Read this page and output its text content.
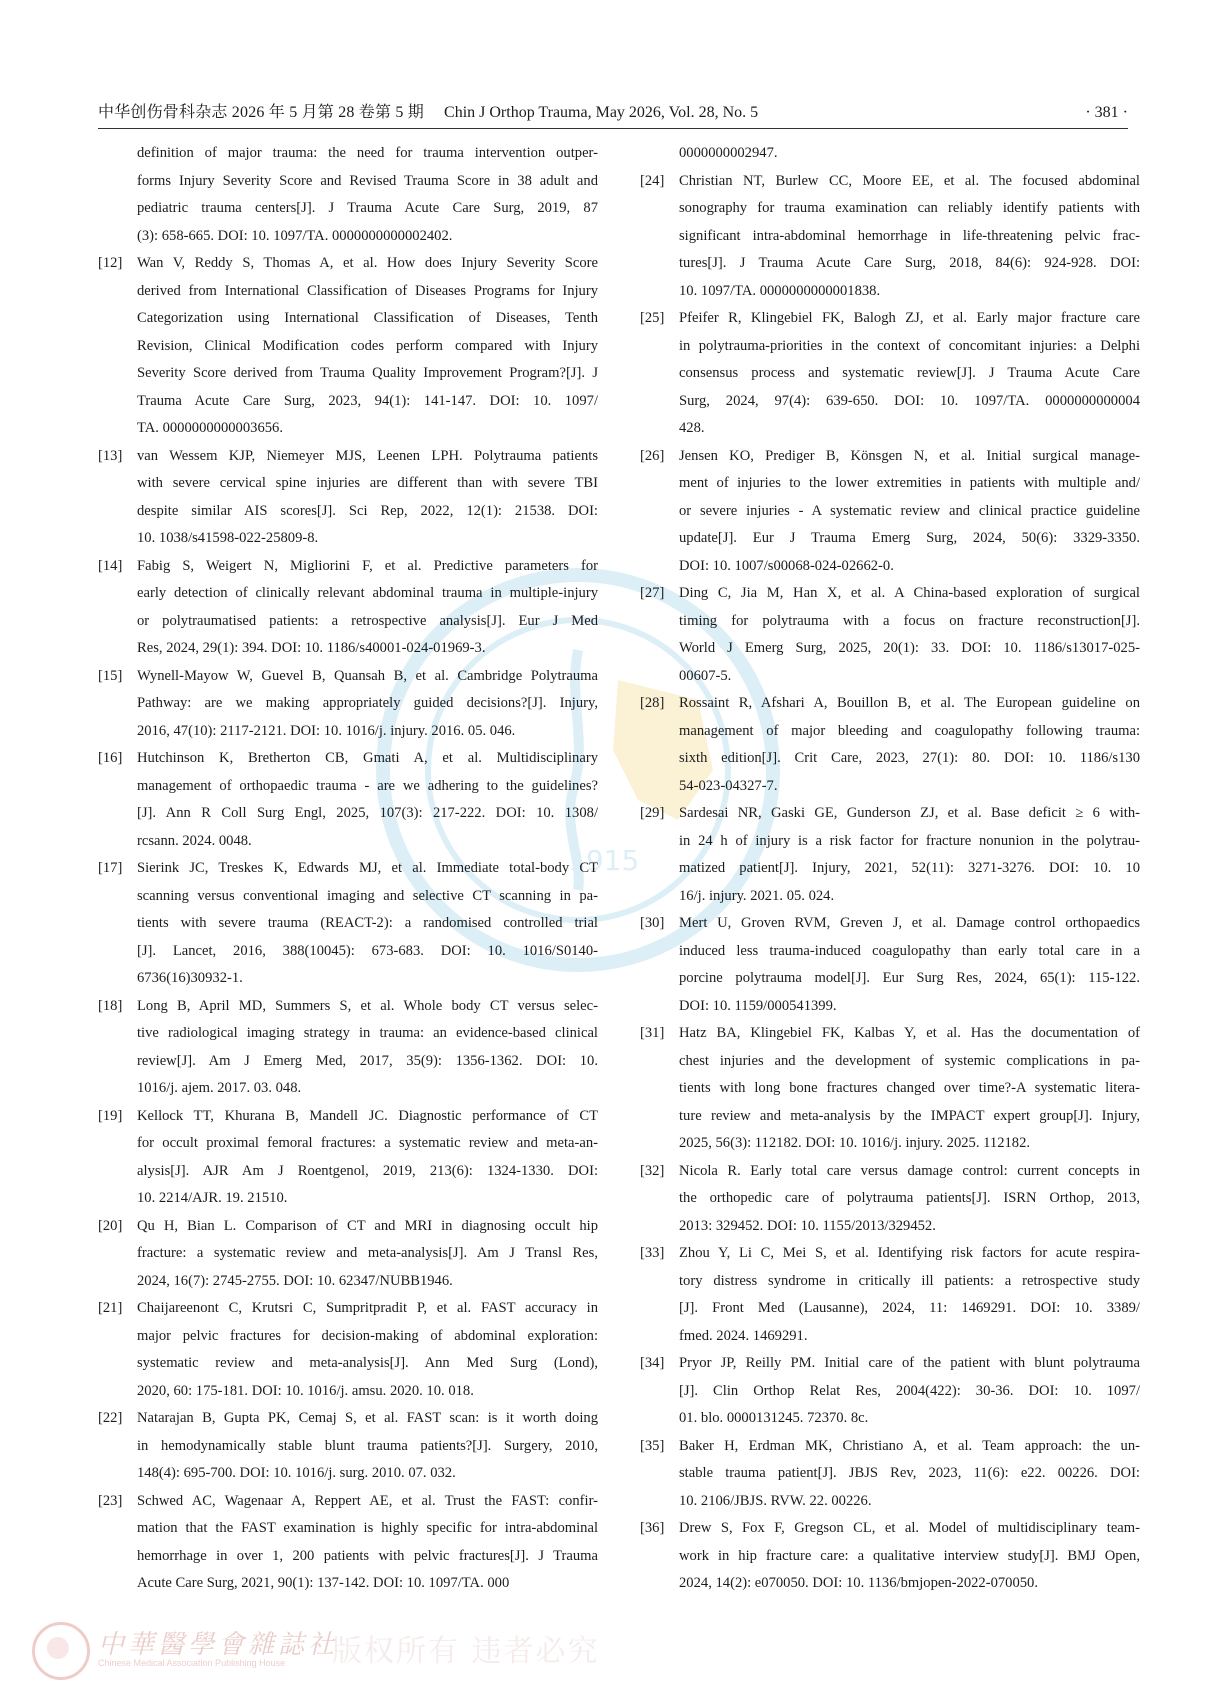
中华创伤骨科杂志 2026 年 5 月第 28 卷第 5 期 Chin J Orthop Trauma, May 2026, Vol. 28, No. 5	· 381 ·
1915
definition of major trauma: the need for trauma intervention outper-
forms Injury Severity Score and Revised Trauma Score in 38 adult and
pediatric trauma centers[J]. J Trauma Acute Care Surg, 2019, 87
(3): 658-665. DOI: 10. 1097/TA. 0000000000002402.
[12] Wan V, Reddy S, Thomas A, et al. How does Injury Severity Score
derived from International Classification of Diseases Programs for Injury
Categorization using International Classification of Diseases, Tenth
Revision, Clinical Modification codes perform compared with Injury
Severity Score derived from Trauma Quality Improvement Program?[J]. J
Trauma Acute Care Surg, 2023, 94(1): 141-147. DOI: 10. 1097/
TA. 0000000000003656.
[13] van Wessem KJP, Niemeyer MJS, Leenen LPH. Polytrauma patients
with severe cervical spine injuries are different than with severe TBI
despite similar AIS scores[J]. Sci Rep, 2022, 12(1): 21538. DOI:
10. 1038/s41598-022-25809-8.
[14] Fabig S, Weigert N, Migliorini F, et al. Predictive parameters for
early detection of clinically relevant abdominal trauma in multiple-injury
or polytraumatised patients: a retrospective analysis[J]. Eur J Med
Res, 2024, 29(1): 394. DOI: 10. 1186/s40001-024-01969-3.
[15] Wynell-Mayow W, Guevel B, Quansah B, et al. Cambridge Polytrauma
Pathway: are we making appropriately guided decisions?[J]. Injury,
2016, 47(10): 2117-2121. DOI: 10. 1016/j. injury. 2016. 05. 046.
[16] Hutchinson K, Bretherton CB, Gmati A, et al. Multidisciplinary
management of orthopaedic trauma - are we adhering to the guidelines?
[J]. Ann R Coll Surg Engl, 2025, 107(3): 217-222. DOI: 10. 1308/
rcsann. 2024. 0048.
[17] Sierink JC, Treskes K, Edwards MJ, et al. Immediate total-body CT
scanning versus conventional imaging and selective CT scanning in pa-
tients with severe trauma (REACT-2): a randomised controlled trial
[J]. Lancet, 2016, 388(10045): 673-683. DOI: 10. 1016/S0140-
6736(16)30932-1.
[18] Long B, April MD, Summers S, et al. Whole body CT versus selec-
tive radiological imaging strategy in trauma: an evidence-based clinical
review[J]. Am J Emerg Med, 2017, 35(9): 1356-1362. DOI: 10.
1016/j. ajem. 2017. 03. 048.
[19] Kellock TT, Khurana B, Mandell JC. Diagnostic performance of CT
for occult proximal femoral fractures: a systematic review and meta-an-
alysis[J]. AJR Am J Roentgenol, 2019, 213(6): 1324-1330. DOI:
10. 2214/AJR. 19. 21510.
[20] Qu H, Bian L. Comparison of CT and MRI in diagnosing occult hip
fracture: a systematic review and meta-analysis[J]. Am J Transl Res,
2024, 16(7): 2745-2755. DOI: 10. 62347/NUBB1946.
[21] Chaijareenont C, Krutsri C, Sumpritpradit P, et al. FAST accuracy in
major pelvic fractures for decision-making of abdominal exploration:
systematic review and meta-analysis[J]. Ann Med Surg (Lond),
2020, 60: 175-181. DOI: 10. 1016/j. amsu. 2020. 10. 018.
[22] Natarajan B, Gupta PK, Cemaj S, et al. FAST scan: is it worth doing
in hemodynamically stable blunt trauma patients?[J]. Surgery, 2010,
148(4): 695-700. DOI: 10. 1016/j. surg. 2010. 07. 032.
[23] Schwed AC, Wagenaar A, Reppert AE, et al. Trust the FAST: confir-
mation that the FAST examination is highly specific for intra-abdominal
hemorrhage in over 1, 200 patients with pelvic fractures[J]. J Trauma
Acute Care Surg, 2021, 90(1): 137-142. DOI: 10. 1097/TA. 000
0000000002947.
[24] Christian NT, Burlew CC, Moore EE, et al. The focused abdominal
sonography for trauma examination can reliably identify patients with
significant intra-abdominal hemorrhage in life-threatening pelvic frac-
tures[J]. J Trauma Acute Care Surg, 2018, 84(6): 924-928. DOI:
10. 1097/TA. 0000000000001838.
[25] Pfeifer R, Klingebiel FK, Balogh ZJ, et al. Early major fracture care
in polytrauma-priorities in the context of concomitant injuries: a Delphi
consensus process and systematic review[J]. J Trauma Acute Care
Surg, 2024, 97(4): 639-650. DOI: 10. 1097/TA. 0000000000004
428.
[26] Jensen KO, Prediger B, Könsgen N, et al. Initial surgical manage-
ment of injuries to the lower extremities in patients with multiple and/
or severe injuries - A systematic review and clinical practice guideline
update[J]. Eur J Trauma Emerg Surg, 2024, 50(6): 3329-3350.
DOI: 10. 1007/s00068-024-02662-0.
[27] Ding C, Jia M, Han X, et al. A China-based exploration of surgical
timing for polytrauma with a focus on fracture reconstruction[J].
World J Emerg Surg, 2025, 20(1): 33. DOI: 10. 1186/s13017-025-
00607-5.
[28] Rossaint R, Afshari A, Bouillon B, et al. The European guideline on
management of major bleeding and coagulopathy following trauma:
sixth edition[J]. Crit Care, 2023, 27(1): 80. DOI: 10. 1186/s130
54-023-04327-7.
[29] Sardesai NR, Gaski GE, Gunderson ZJ, et al. Base deficit ≥ 6 with-
in 24 h of injury is a risk factor for fracture nonunion in the polytrau-
matized patient[J]. Injury, 2021, 52(11): 3271-3276. DOI: 10. 10
16/j. injury. 2021. 05. 024.
[30] Mert U, Groven RVM, Greven J, et al. Damage control orthopaedics
induced less trauma-induced coagulopathy than early total care in a
porcine polytrauma model[J]. Eur Surg Res, 2024, 65(1): 115-122.
DOI: 10. 1159/000541399.
[31] Hatz BA, Klingebiel FK, Kalbas Y, et al. Has the documentation of
chest injuries and the development of systemic complications in pa-
tients with long bone fractures changed over time?-A systematic litera-
ture review and meta-analysis by the IMPACT expert group[J]. Injury,
2025, 56(3): 112182. DOI: 10. 1016/j. injury. 2025. 112182.
[32] Nicola R. Early total care versus damage control: current concepts in
the orthopedic care of polytrauma patients[J]. ISRN Orthop, 2013,
2013: 329452. DOI: 10. 1155/2013/329452.
[33] Zhou Y, Li C, Mei S, et al. Identifying risk factors for acute respira-
tory distress syndrome in critically ill patients: a retrospective study
[J]. Front Med (Lausanne), 2024, 11: 1469291. DOI: 10. 3389/
fmed. 2024. 1469291.
[34] Pryor JP, Reilly PM. Initial care of the patient with blunt polytrauma
[J]. Clin Orthop Relat Res, 2004(422): 30-36. DOI: 10. 1097/
01. blo. 0000131245. 72370. 8c.
[35] Baker H, Erdman MK, Christiano A, et al. Team approach: the un-
stable trauma patient[J]. JBJS Rev, 2023, 11(6): e22. 00226. DOI:
10. 2106/JBJS. RVW. 22. 00226.
[36] Drew S, Fox F, Gregson CL, et al. Model of multidisciplinary team-
work in hip fracture care: a qualitative interview study[J]. BMJ Open,
2024, 14(2): e070050. DOI: 10. 1136/bmjopen-2022-070050.
中華醫學會雜誌社
Chinese Medical Association Publishing House 版权所有 违者必究
